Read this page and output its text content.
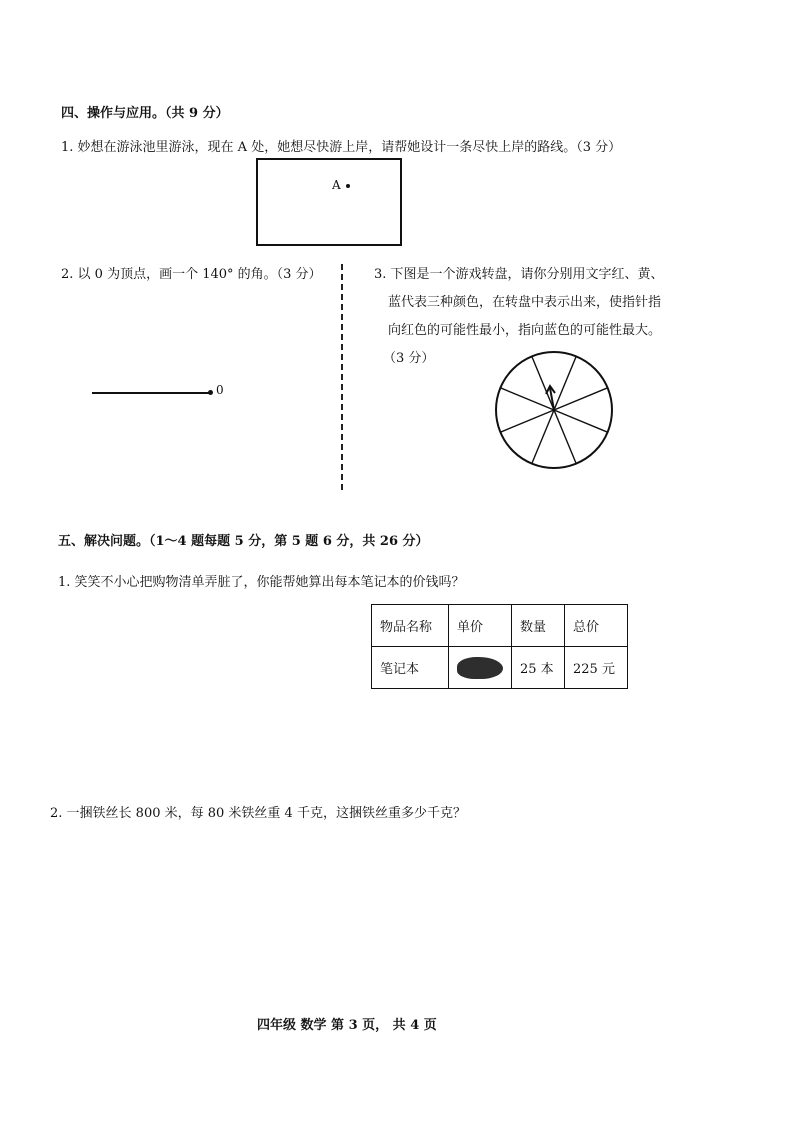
四、操作与应用。（共 9 分）
1. 妙想在游泳池里游泳，现在 A 处，她想尽快游上岸，请帮她设计一条尽快上岸的路线。（3 分）
A
2. 以 0 为顶点，画一个 140° 的角。（3 分）
0
3. 下图是一个游戏转盘，请你分别用文字红、黄、
蓝代表三种颜色，在转盘中表示出来，使指针指
向红色的可能性最小，指向蓝色的可能性最大。
（3 分）
五、解决问题。（1～4 题每题 5 分，第 5 题 6 分，共 26 分）
1. 笑笑不小心把购物清单弄脏了，你能帮她算出每本笔记本的价钱吗？
物品名称	单价	数量	总价
笔记本		25 本	225 元
2. 一捆铁丝长 800 米，每 80 米铁丝重 4 千克，这捆铁丝重多少千克？
四年级 数学 第 3 页， 共 4 页
